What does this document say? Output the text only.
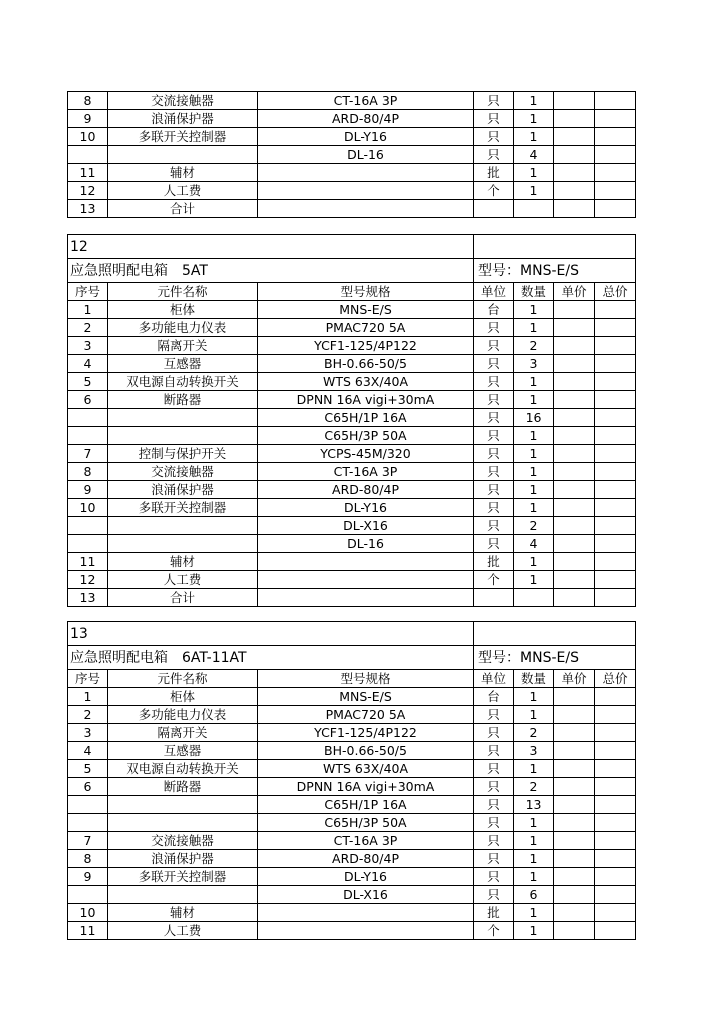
8	交流接触器	CT-16A 3P	只	1		
9	浪涌保护器	ARD-80/4P	只	1		
10	多联开关控制器	DL-Y16	只	1		
		DL-16	只	4		
11	辅材		批	1		
12	人工费		个	1		
13	合计					
12						
应急照明配电箱　5AT			型号：MNS-E/S			
序号	元件名称	型号规格	单位	数量	单价	总价
1	柜体	MNS-E/S	台	1		
2	多功能电力仪表	PMAC720 5A	只	1		
3	隔离开关	YCF1-125/4P122	只	2		
4	互感器	BH-0.66-50/5	只	3		
5	双电源自动转换开关	WTS 63X/40A	只	1		
6	断路器	DPNN 16A vigi+30mA	只	1		
		C65H/1P 16A	只	16		
		C65H/3P 50A	只	1		
7	控制与保护开关	YCPS-45M/320	只	1		
8	交流接触器	CT-16A 3P	只	1		
9	浪涌保护器	ARD-80/4P	只	1		
10	多联开关控制器	DL-Y16	只	1		
		DL-X16	只	2		
		DL-16	只	4		
11	辅材		批	1		
12	人工费		个	1		
13	合计					
13						
应急照明配电箱　6AT-11AT			型号：MNS-E/S			
序号	元件名称	型号规格	单位	数量	单价	总价
1	柜体	MNS-E/S	台	1		
2	多功能电力仪表	PMAC720 5A	只	1		
3	隔离开关	YCF1-125/4P122	只	2		
4	互感器	BH-0.66-50/5	只	3		
5	双电源自动转换开关	WTS 63X/40A	只	1		
6	断路器	DPNN 16A vigi+30mA	只	2		
		C65H/1P 16A	只	13		
		C65H/3P 50A	只	1		
7	交流接触器	CT-16A 3P	只	1		
8	浪涌保护器	ARD-80/4P	只	1		
9	多联开关控制器	DL-Y16	只	1		
		DL-X16	只	6		
10	辅材		批	1		
11	人工费		个	1		
